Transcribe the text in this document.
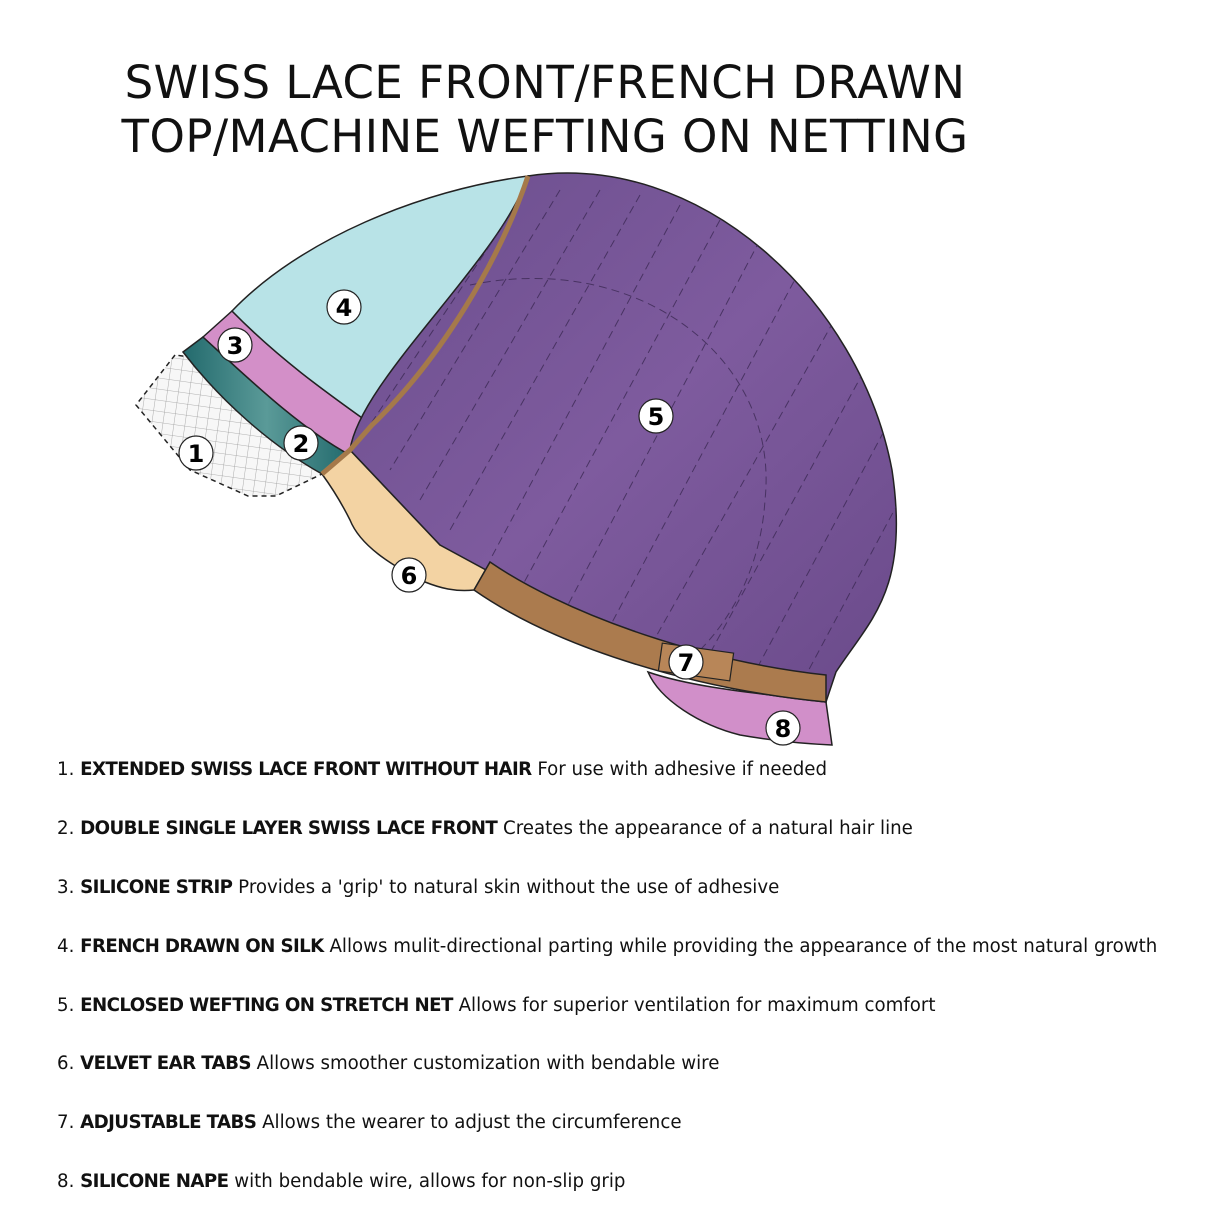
SWISS LACE FRONT/FRENCH DRAWN
TOP/MACHINE WEFTING ON NETTING
1	2
3
4
5
6
7
8
1. EXTENDED SWISS LACE FRONT WITHOUT HAIR For use with adhesive if needed
2. DOUBLE SINGLE LAYER SWISS LACE FRONT Creates the appearance of a natural hair line
3. SILICONE STRIP Provides a 'grip' to natural skin without the use of adhesive
4. FRENCH DRAWN ON SILK Allows mulit-directional parting while providing the appearance of the most natural growth
5. ENCLOSED WEFTING ON STRETCH NET Allows for superior ventilation for maximum comfort
6. VELVET EAR TABS Allows smoother customization with bendable wire
7. ADJUSTABLE TABS Allows the wearer to adjust the circumference
8. SILICONE NAPE with bendable wire, allows for non-slip grip
